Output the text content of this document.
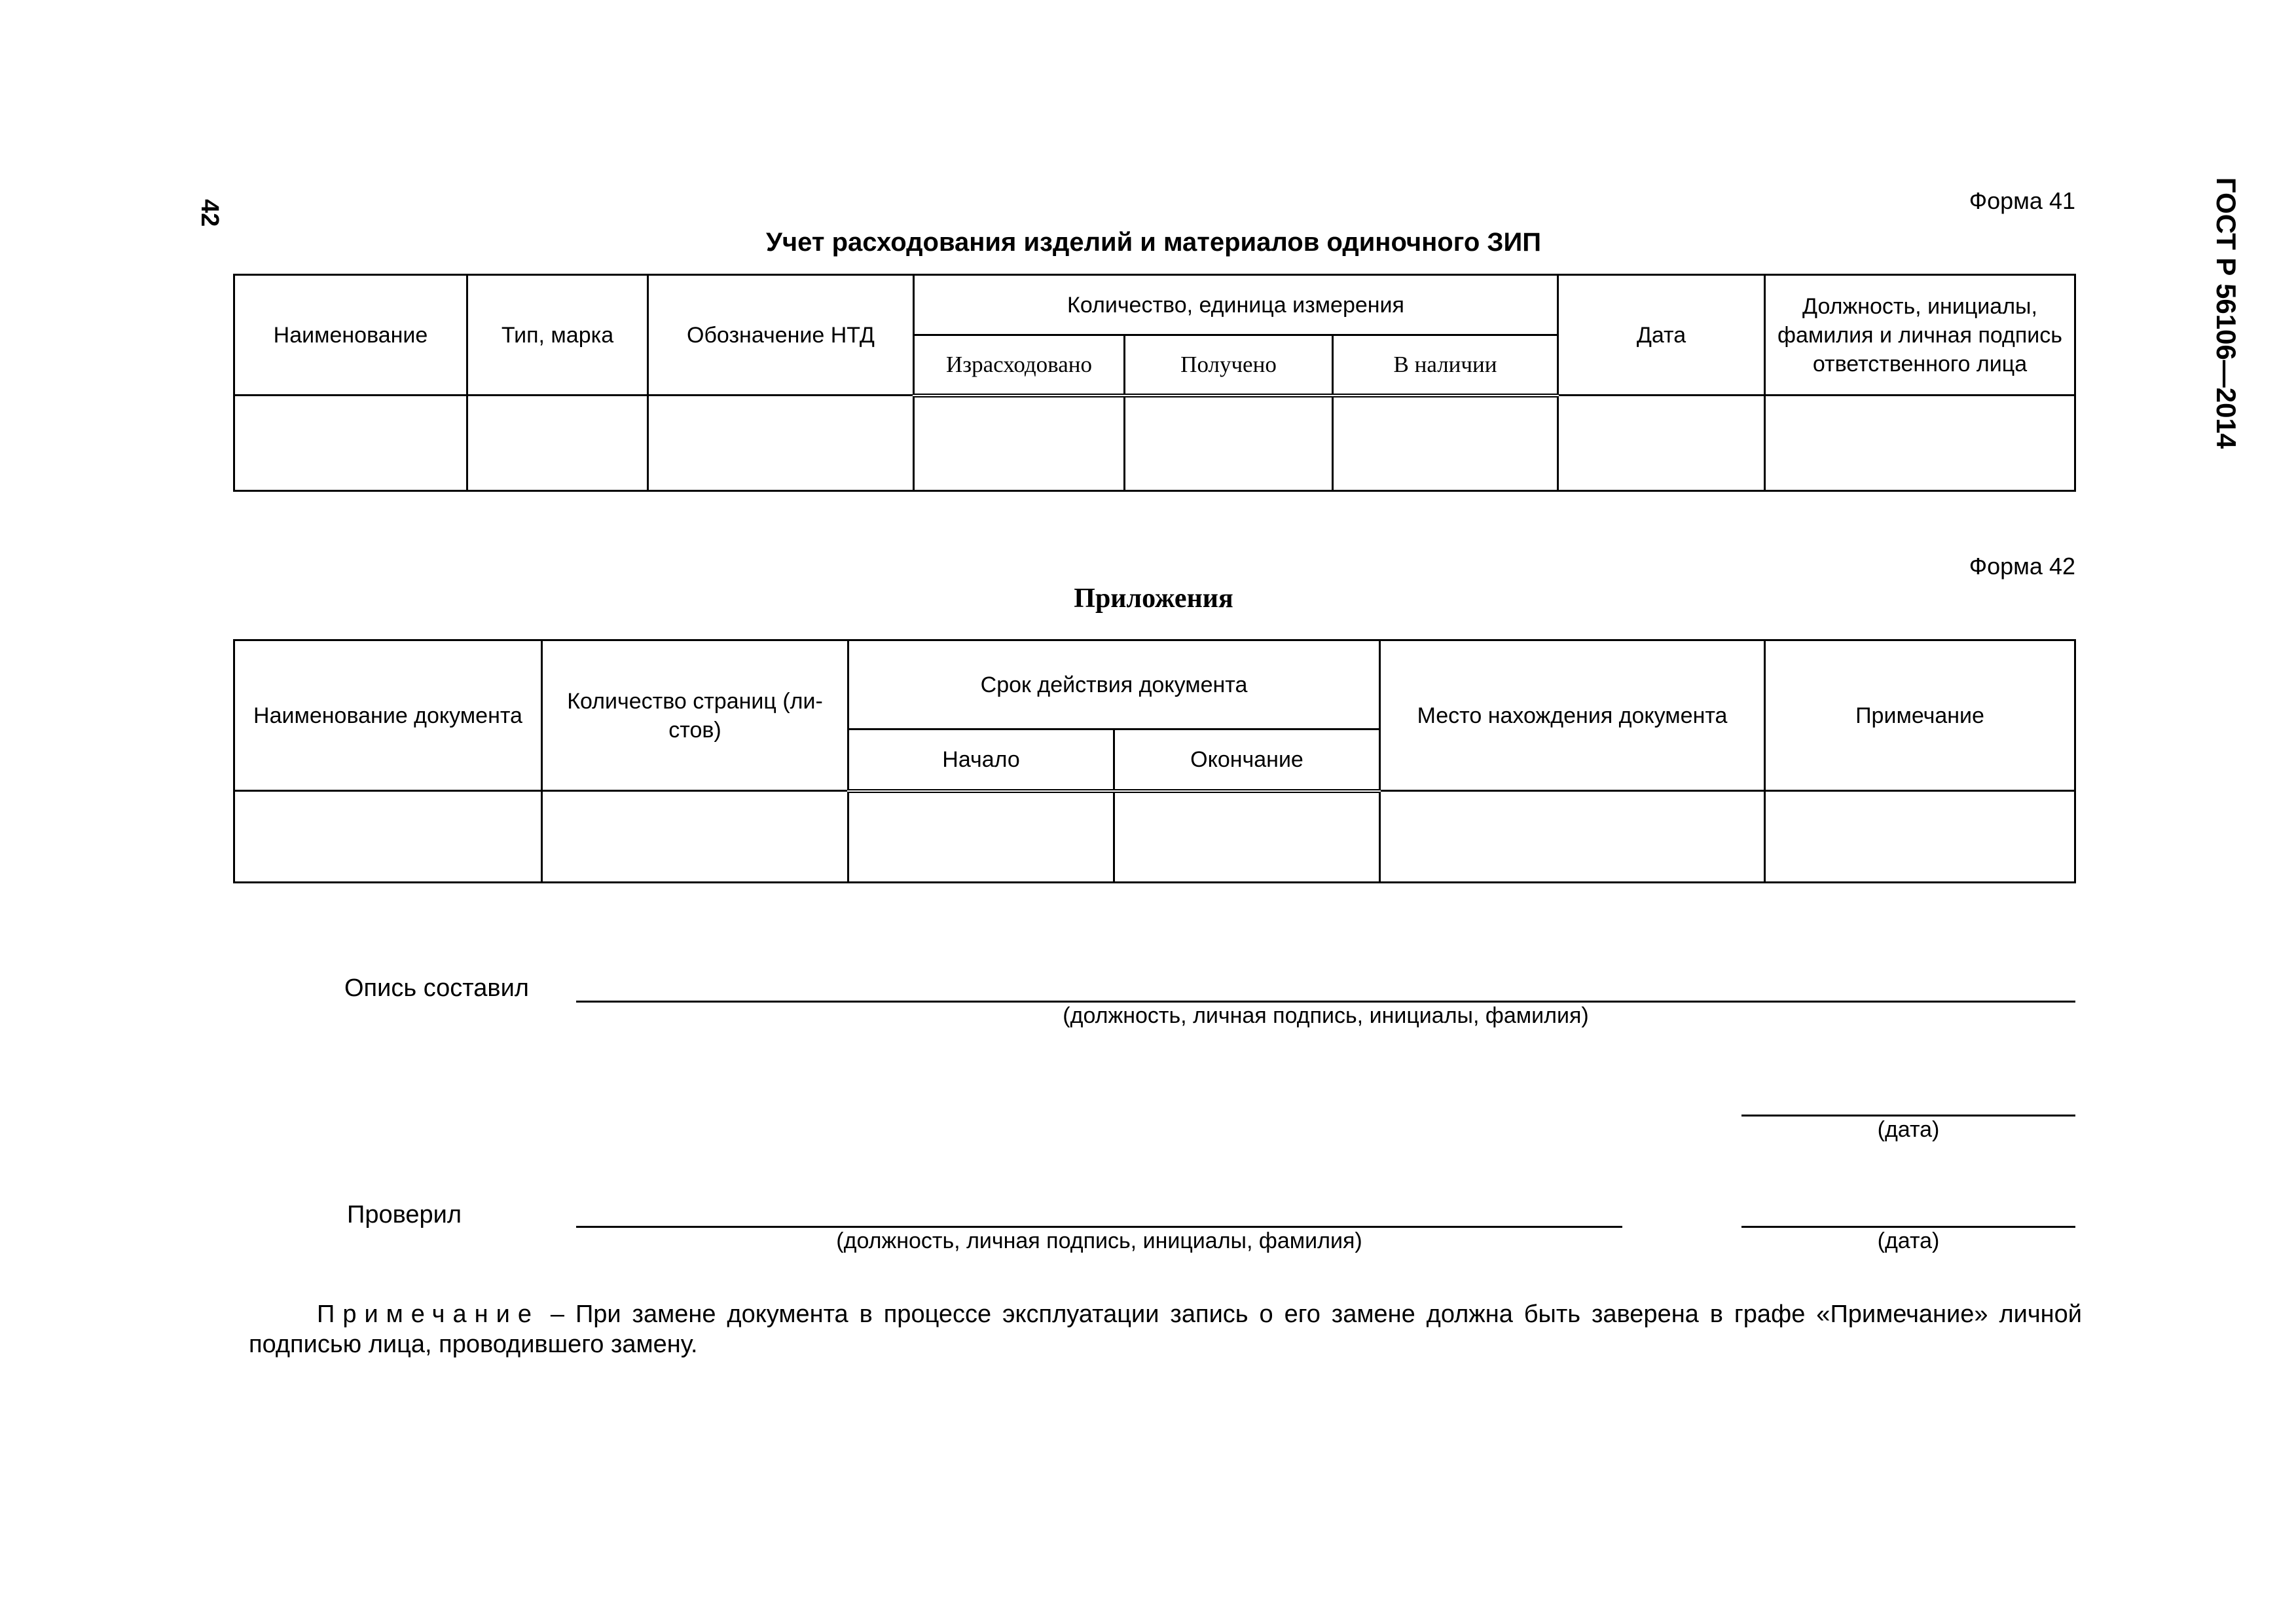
42	ГОСТ Р 56106—2014
Форма 41
Учет расходования изделий и материалов одиночного ЗИП
Наименование	Тип, марка	Обозначение НТД	Количество, единица измерения			Дата	Должность, инициалы, фамилия и личная подпись ответственного лица
			Израсходовано	Получено	В наличии		

Форма 42
Приложения
Наименование документа	Количество страниц (ли-стов)	Срок действия документа		Место нахождения документа	Примечание
		Начало	Окончание		

Опись составил
(должность, личная подпись, инициалы, фамилия)
(дата)
Проверил
(должность, личная подпись, инициалы, фамилия)	(дата)
Примечание – При замене документа в процессе эксплуатации запись о его замене должна быть заверена в графе «Примечание» личной подписью лица, проводившего замену.
